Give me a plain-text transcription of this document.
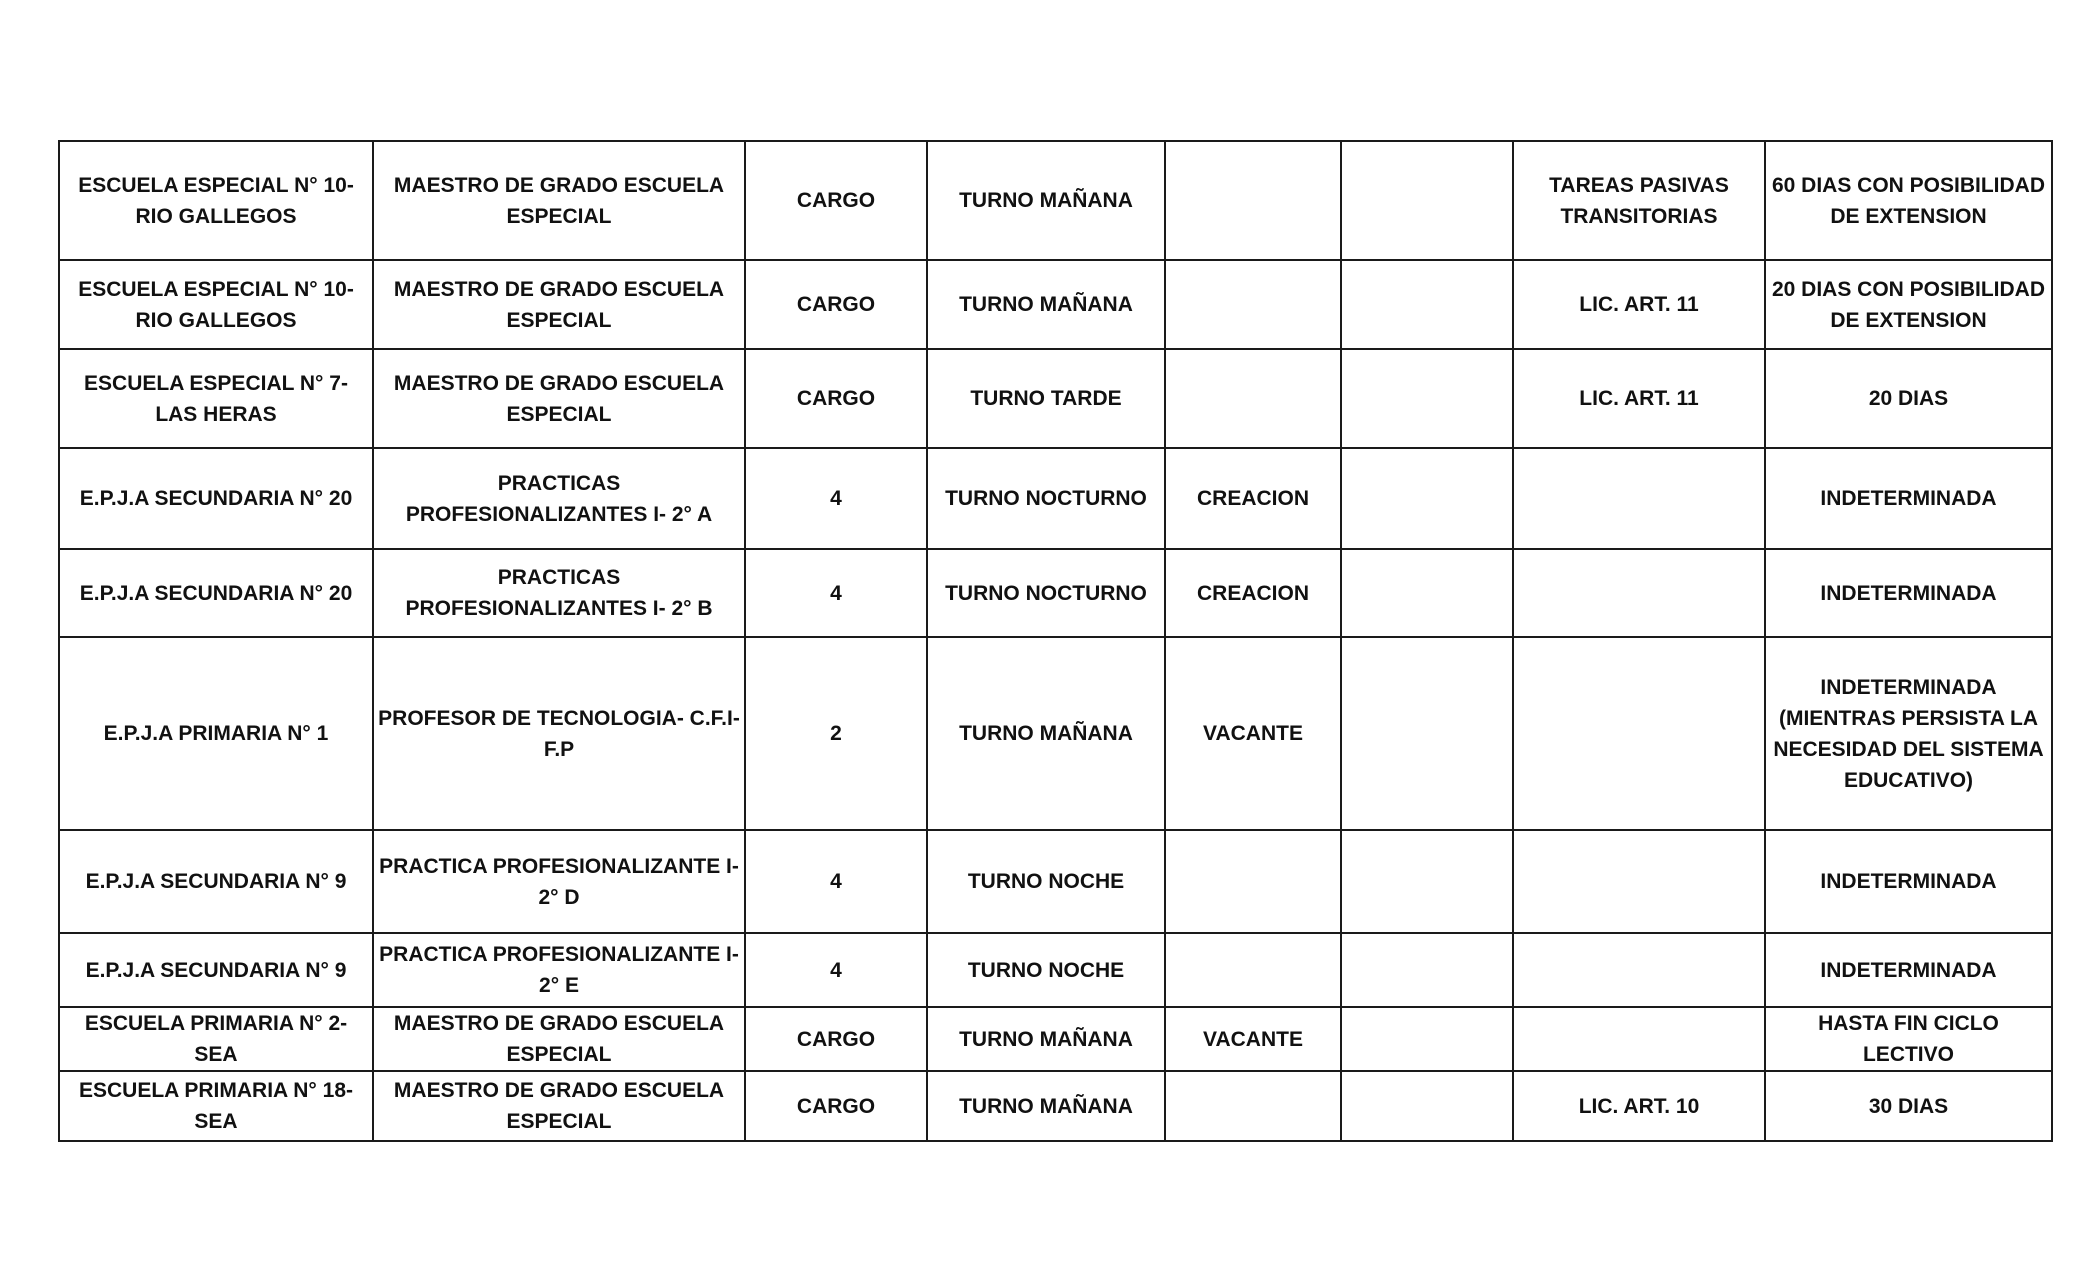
ESCUELA ESPECIAL N° 10- RIO GALLEGOS	MAESTRO DE GRADO ESCUELA ESPECIAL	CARGO	TURNO MAÑANA			TAREAS PASIVAS TRANSITORIAS	60 DIAS CON POSIBILIDAD DE EXTENSION
ESCUELA ESPECIAL N° 10- RIO GALLEGOS	MAESTRO DE GRADO ESCUELA ESPECIAL	CARGO	TURNO MAÑANA			LIC. ART. 11	20 DIAS CON POSIBILIDAD DE EXTENSION
ESCUELA ESPECIAL N° 7- LAS HERAS	MAESTRO DE GRADO ESCUELA ESPECIAL	CARGO	TURNO TARDE			LIC. ART. 11	20 DIAS
E.P.J.A SECUNDARIA N° 20	PRACTICAS PROFESIONALIZANTES I- 2° A	4	TURNO NOCTURNO	CREACION			INDETERMINADA
E.P.J.A SECUNDARIA N° 20	PRACTICAS PROFESIONALIZANTES I- 2° B	4	TURNO NOCTURNO	CREACION			INDETERMINADA
E.P.J.A PRIMARIA N° 1	PROFESOR DE TECNOLOGIA- C.F.I- F.P	2	TURNO MAÑANA	VACANTE			INDETERMINADA (MIENTRAS PERSISTA LA NECESIDAD DEL SISTEMA EDUCATIVO)
E.P.J.A SECUNDARIA N° 9	PRACTICA PROFESIONALIZANTE I- 2° D	4	TURNO NOCHE				INDETERMINADA
E.P.J.A SECUNDARIA N° 9	PRACTICA PROFESIONALIZANTE I- 2° E	4	TURNO NOCHE				INDETERMINADA
ESCUELA PRIMARIA N° 2- SEA	MAESTRO DE GRADO ESCUELA ESPECIAL	CARGO	TURNO MAÑANA	VACANTE			HASTA FIN CICLO LECTIVO
ESCUELA PRIMARIA N° 18- SEA	MAESTRO DE GRADO ESCUELA ESPECIAL	CARGO	TURNO MAÑANA			LIC. ART. 10	30 DIAS
